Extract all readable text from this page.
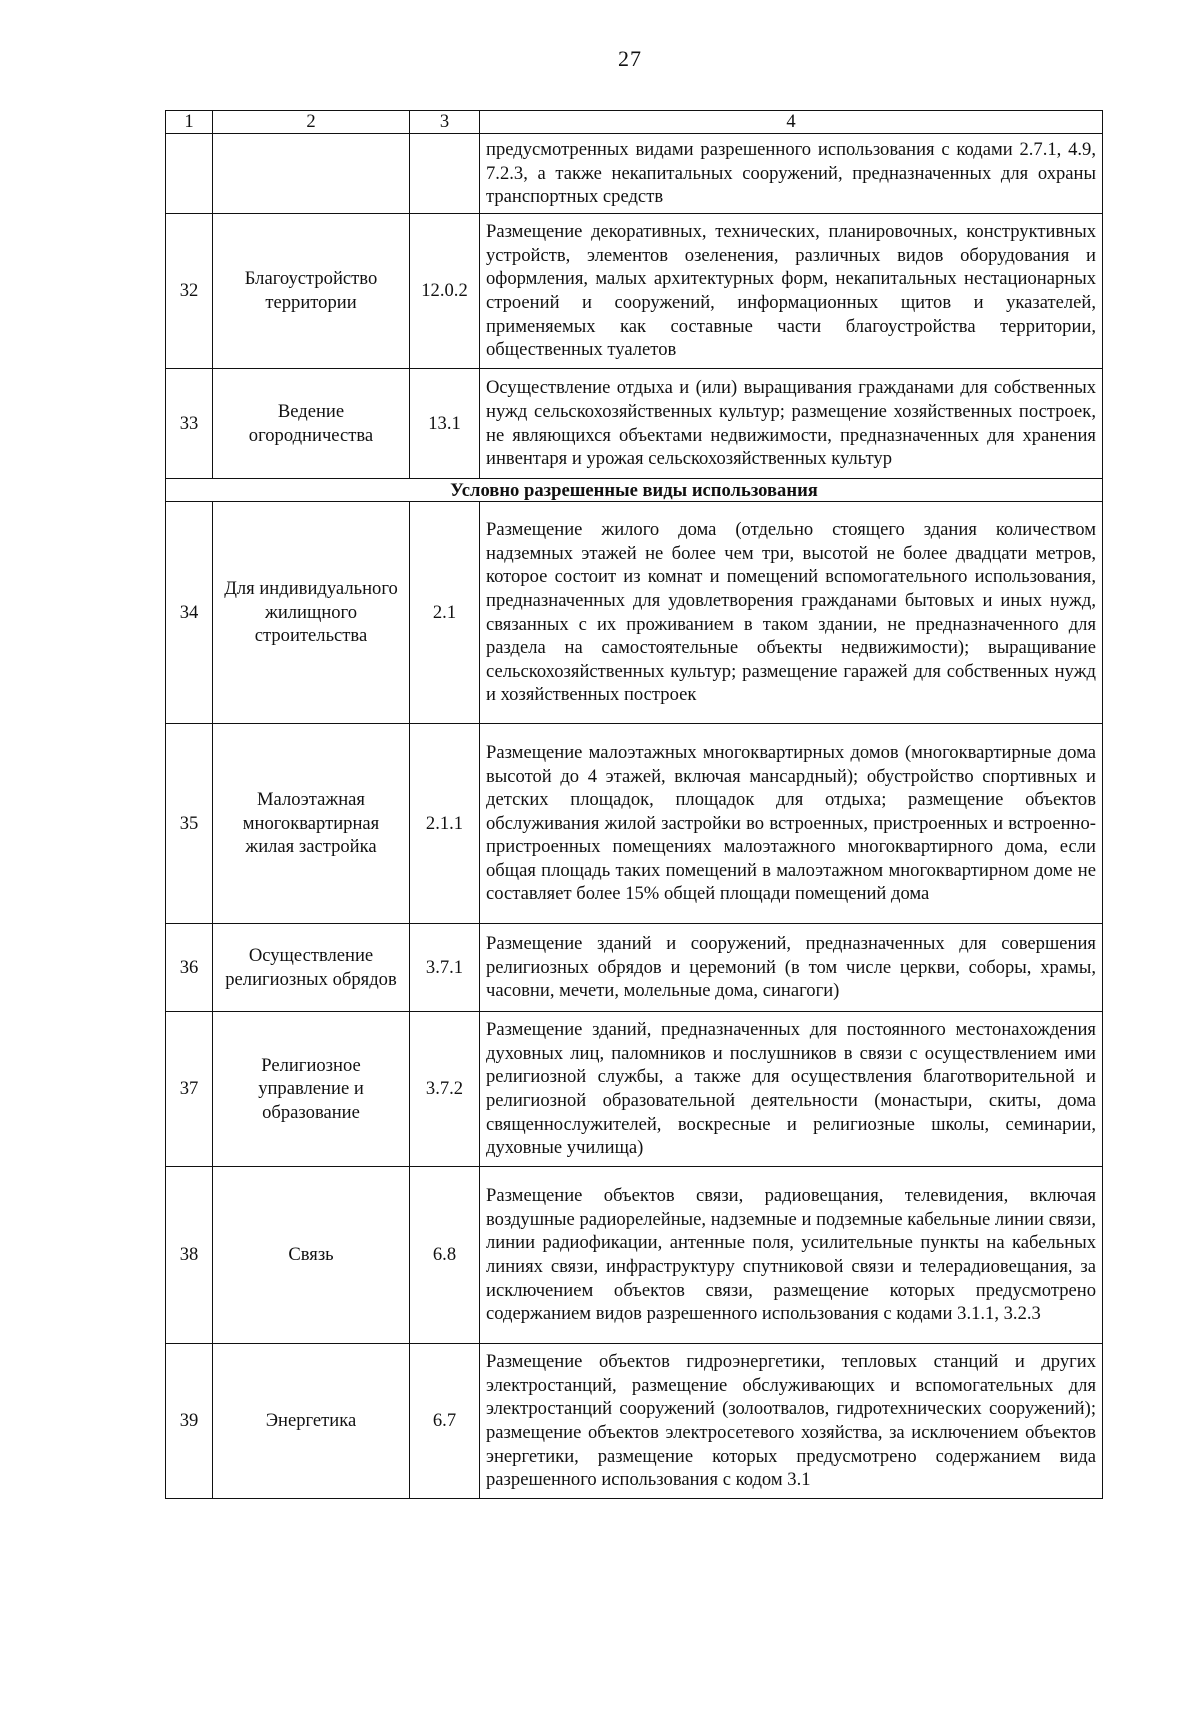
27
1	2	3	4
			предусмотренных видами разрешенного использования с кодами 2.7.1, 4.9, 7.2.3, а также некапитальных сооружений, предназначенных для охраны транспортных средств
32	Благоустройство территории	12.0.2	Размещение декоративных, технических, планировочных, конструктивных устройств, элементов озеленения, различных видов оборудования и оформления, малых архитектурных форм, некапитальных нестационарных строений и сооружений, информационных щитов и указателей, применяемых как составные части благоустройства территории, общественных туалетов
33	Ведение огородничества	13.1	Осуществление отдыха и (или) выращивания гражданами для собственных нужд сельскохозяйственных культур; размещение хозяйственных построек, не являющихся объектами недвижимости, предназначенных для хранения инвентаря и урожая сельскохозяйственных культур
Условно разрешенные виды использования			
34	Для индивидуального жилищного строительства	2.1	Размещение жилого дома (отдельно стоящего здания количеством надземных этажей не более чем три, высотой не более двадцати метров, которое состоит из комнат и помещений вспомогательного использования, предназначенных для удовлетворения гражданами бытовых и иных нужд, связанных с их проживанием в таком здании, не предназначенного для раздела на самостоятельные объекты недвижимости); выращивание сельскохозяйственных культур; размещение гаражей для собственных нужд и хозяйственных построек
35	Малоэтажная многоквартирная жилая застройка	2.1.1	Размещение малоэтажных многоквартирных домов (многоквартирные дома высотой до 4 этажей, включая мансардный); обустройство спортивных и детских площадок, площадок для отдыха; размещение объектов обслуживания жилой застройки во встроенных, пристроенных и встроенно-пристроенных помещениях малоэтажного многоквартирного дома, если общая площадь таких помещений в малоэтажном многоквартирном доме не составляет более 15% общей площади помещений дома
36	Осуществление религиозных обрядов	3.7.1	Размещение зданий и сооружений, предназначенных для совершения религиозных обрядов и церемоний (в том числе церкви, соборы, храмы, часовни, мечети, молельные дома, синагоги)
37	Религиозное управление и образование	3.7.2	Размещение зданий, предназначенных для постоянного местонахождения духовных лиц, паломников и послушников в связи с осуществлением ими религиозной службы, а также для осуществления благотворительной и религиозной образовательной деятельности (монастыри, скиты, дома священнослужителей, воскресные и религиозные школы, семинарии, духовные училища)
38	Связь	6.8	Размещение объектов связи, радиовещания, телевидения, включая воздушные радиорелейные, надземные и подземные кабельные линии связи, линии радиофикации, антенные поля, усилительные пункты на кабельных линиях связи, инфраструктуру спутниковой связи и телерадиовещания, за исключением объектов связи, размещение которых предусмотрено содержанием видов разрешенного использования с кодами 3.1.1, 3.2.3
39	Энергетика	6.7	Размещение объектов гидроэнергетики, тепловых станций и других электростанций, размещение обслуживающих и вспомогательных для электростанций сооружений (золоотвалов, гидротехнических сооружений); размещение объектов электросетевого хозяйства, за исключением объектов энергетики, размещение которых предусмотрено содержанием вида разрешенного использования с кодом 3.1
